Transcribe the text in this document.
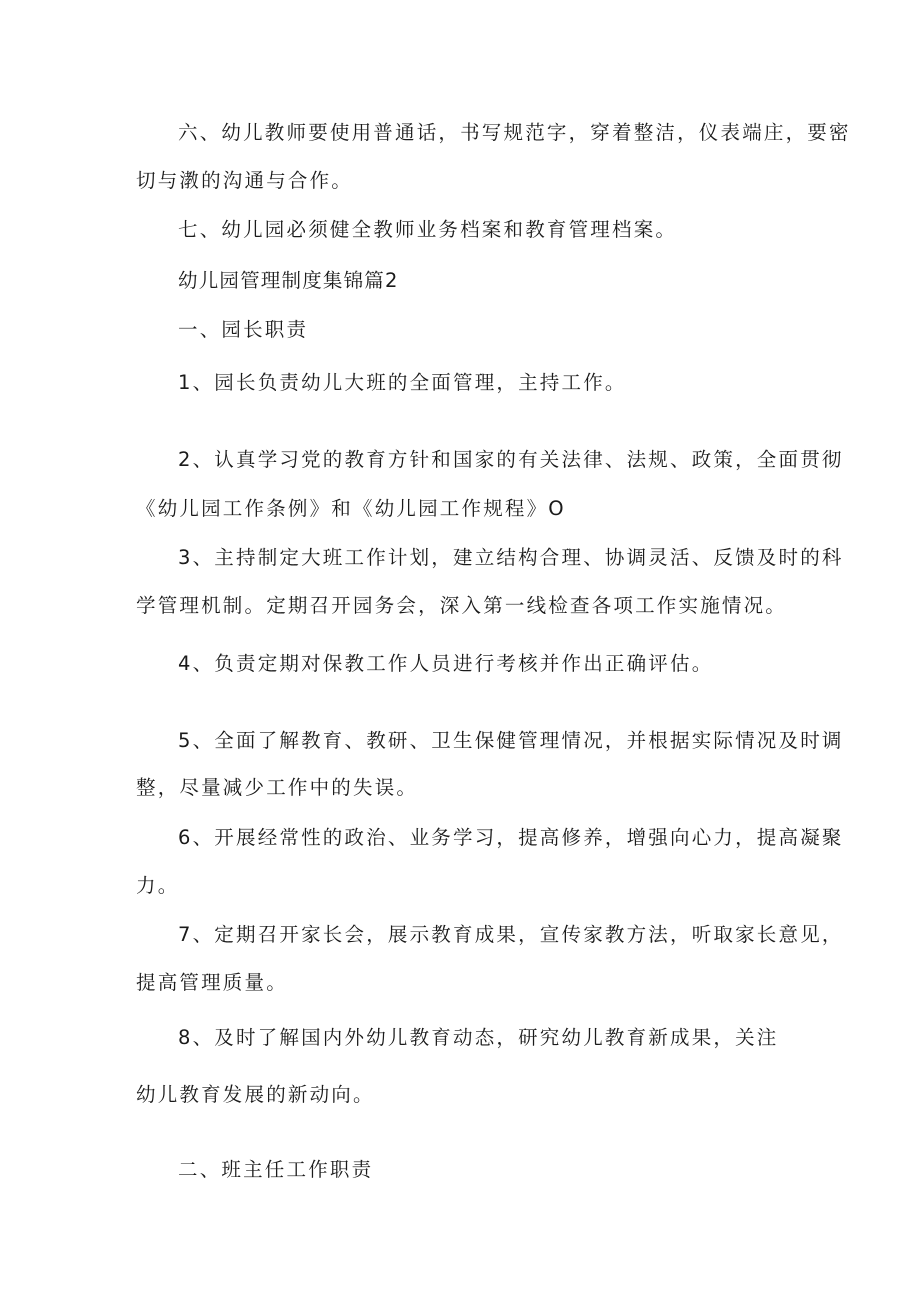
六、幼儿教师要使用普通话，书写规范字，穿着整洁，仪表端庄，要密
切与漖的沟通与合作。
七、幼儿园必须健全教师业务档案和教育管理档案。
幼儿园管理制度集锦篇2
一、园长职责
1、园长负责幼儿大班的全面管理，主持工作。
2、认真学习党的教育方针和国家的有关法律、法规、政策，全面贯彻
《幼儿园工作条例》和《幼儿园工作规程》O
3、主持制定大班工作计划，建立结构合理、协调灵活、反馈及时的科
学管理机制。定期召开园务会，深入第一线检查各项工作实施情况。
4、负责定期对保教工作人员进行考核并作出正确评估。
5、全面了解教育、教研、卫生保健管理情况，并根据实际情况及时调
整，尽量减少工作中的失误。
6、开展经常性的政治、业务学习，提高修养，增强向心力，提高凝聚
力。
7、定期召开家长会，展示教育成果，宣传家教方法，听取家长意见，
提高管理质量。
8、及时了解国内外幼儿教育动态，研究幼儿教育新成果，关注
幼儿教育发展的新动向。
二、班主任工作职责
